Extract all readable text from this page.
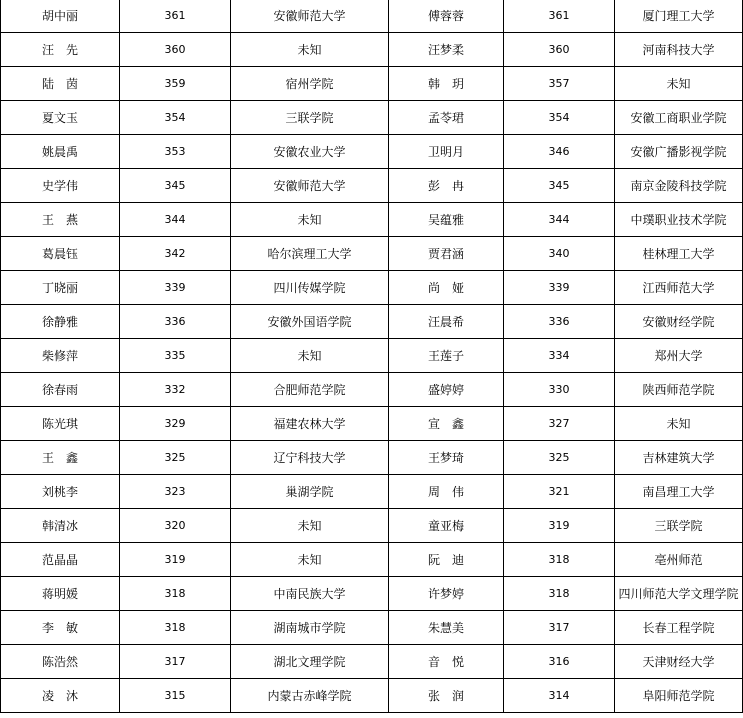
胡中丽	361	安徽师范大学	傅蓉蓉	361	厦门理工大学
汪　先	360	未知	汪梦柔	360	河南科技大学
陆　茵	359	宿州学院	韩　玥	357	未知
夏文玉	354	三联学院	孟苓珺	354	安徽工商职业学院
姚晨禹	353	安徽农业大学	卫明月	346	安徽广播影视学院
史学伟	345	安徽师范大学	彭　冉	345	南京金陵科技学院
王　燕	344	未知	吴蕴雅	344	中璞职业技术学院
葛晨钰	342	哈尔滨理工大学	贾君涵	340	桂林理工大学
丁晓丽	339	四川传媒学院	尚　娅	339	江西师范大学
徐静雅	336	安徽外国语学院	汪晨希	336	安徽财经学院
柴修萍	335	未知	王莲子	334	郑州大学
徐春雨	332	合肥师范学院	盛婷婷	330	陕西师范学院
陈光琪	329	福建农林大学	宣　鑫	327	未知
王　鑫	325	辽宁科技大学	王梦琦	325	吉林建筑大学
刘桃李	323	巢湖学院	周　伟	321	南昌理工大学
韩清冰	320	未知	童亚梅	319	三联学院
范晶晶	319	未知	阮　迪	318	亳州师范
蒋明媛	318	中南民族大学	许梦婷	318	四川师范大学文理学院
李　敏	318	湖南城市学院	朱慧美	317	长春工程学院
陈浩然	317	湖北文理学院	音　悦	316	天津财经大学
凌　沐	315	内蒙古赤峰学院	张　润	314	阜阳师范学院
